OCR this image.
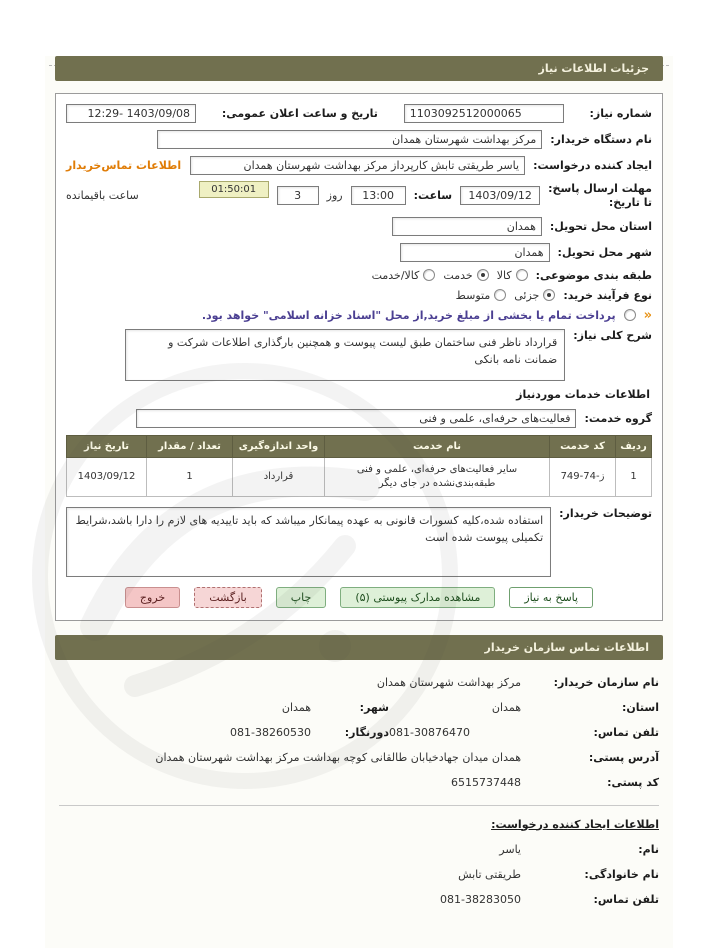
جزئیات اطلاعات نیاز
شماره نیاز:
1103092512000065
تاریخ و ساعت اعلان عمومی:
1403/09/08 -12:29
نام دستگاه خریدار:
مرکز بهداشت شهرستان همدان
ایجاد کننده درخواست:
یاسر طریقتی تابش کارپرداز مرکز بهداشت شهرستان همدان
اطلاعات تماس‌خریدار
مهلت ارسال پاسخ:
تا تاریخ:
1403/09/12
ساعت:
13:00
روز
3
01:50:01
ساعت باقیمانده
استان محل تحویل:
همدان
شهر محل تحویل:
همدان
طبقه بندی موضوعی:
کالا
خدمت
کالا/خدمت
نوع فرآیند خرید:
جزئی
متوسط
«
پرداخت تمام یا بخشی از مبلغ خرید,از محل "اسناد خزانه اسلامی" خواهد بود.
شرح کلی نیاز:
قرارداد ناظر فنی ساختمان طبق لیست پیوست و همچنین بارگذاری اطلاعات شرکت و ضمانت نامه بانکی
اطلاعات خدمات موردنیاز
گروه خدمت:
فعالیت‌های حرفه‌ای، علمی و فنی
ردیف	کد خدمت	نام خدمت	واحد اندازه‌گیری	تعداد / مقدار	تاریخ نیاز
1	ز-74-749	سایر فعالیت‌های حرفه‌ای، علمی و فنی طبقه‌بندی‌نشده در جای دیگر	قرارداد	1	1403/09/12
توضیحات خریدار:
استفاده شده،کلیه کسورات قانونی به عهده پیمانکار میباشد که باید تاییدیه های لازم را دارا باشد،شرایط تکمیلی پیوست شده است
پاسخ به نیاز
مشاهده مدارک پیوستی (۵)
چاپ
بازگشت
خروج
اطلاعات تماس سازمان خریدار
نام سازمان خریدار:
مرکز بهداشت شهرستان همدان
استان:
همدان
شهر:
همدان
تلفن تماس:
081-30876470
دورنگار:
081-38260530
آدرس پستی:
همدان میدان جهادخیابان طالقانی کوچه بهداشت مرکز بهداشت شهرستان همدان
کد پستی:
6515737448
اطلاعات ایجاد کننده درخواست:
نام:
یاسر
نام خانوادگی:
طریقتی تابش
تلفن تماس:
081-38283050
